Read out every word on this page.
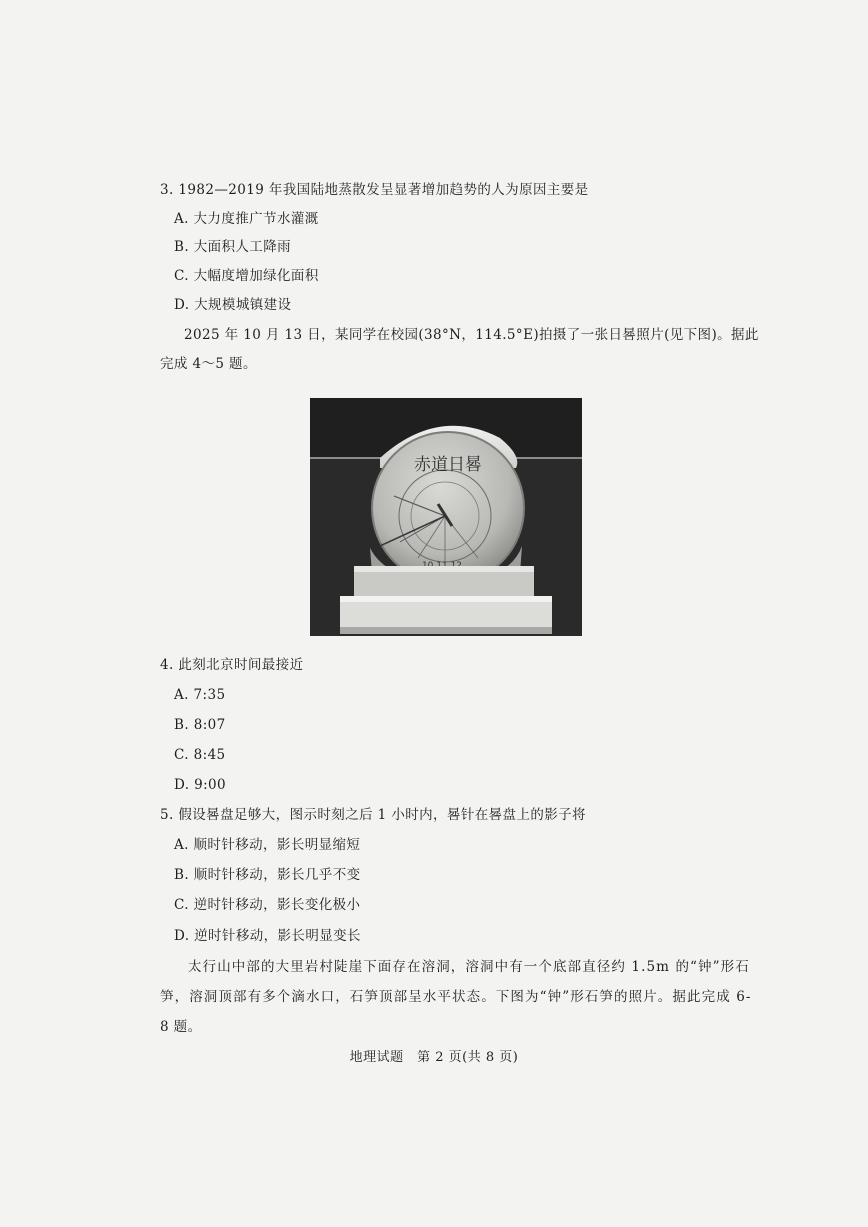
3. 1982—2019 年我国陆地蒸散发呈显著增加趋势的人为原因主要是
A. 大力度推广节水灌溉
B. 大面积人工降雨
C. 大幅度增加绿化面积
D. 大规模城镇建设
2025 年 10 月 13 日，某同学在校园(38°N，114.5°E)拍摄了一张日晷照片(见下图)。据此
完成 4～5 题。
赤道日晷
4. 此刻北京时间最接近
A. 7:35
B. 8:07
C. 8:45
D. 9:00
5. 假设晷盘足够大，图示时刻之后 1 小时内，晷针在晷盘上的影子将
A. 顺时针移动，影长明显缩短
B. 顺时针移动，影长几乎不变
C. 逆时针移动，影长变化极小
D. 逆时针移动，影长明显变长
太行山中部的大里岩村陡崖下面存在溶洞，溶洞中有一个底部直径约 1.5m 的“钟”形石
笋，溶洞顶部有多个滴水口，石笋顶部呈水平状态。下图为“钟”形石笋的照片。据此完成 6-
8 题。
地理试题　第 2 页(共 8 页)
